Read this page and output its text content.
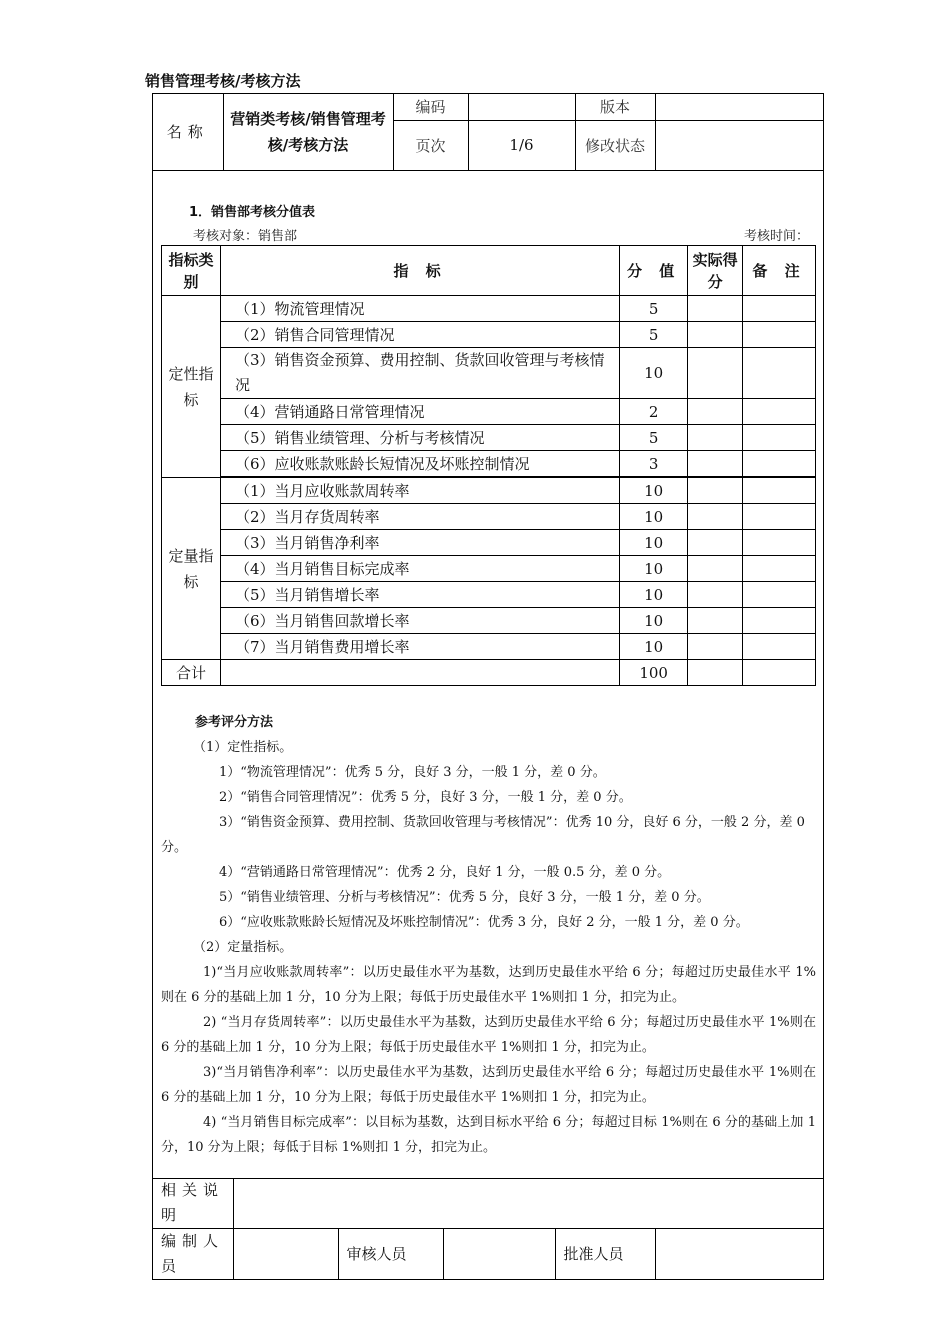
销售管理考核/考核方法
名称	营销类考核/销售管理考核/考核方法	编码		版本	
		页次	1/6	修改状态	
1．销售部考核分值表
考核对象：销售部	考核时间：
指标类别	指 标	分 值	实际得分	备 注
定性指标	（1）物流管理情况	5		
	（2）销售合同管理情况	5		
	（3）销售资金预算、费用控制、货款回收管理与考核情况	10		
	（4）营销通路日常管理情况	2		
	（5）销售业绩管理、分析与考核情况	5		
	（6）应收账款账龄长短情况及坏账控制情况	3		

定量指标	（1）当月应收账款周转率	10		
	（2）当月存货周转率	10		
	（3）当月销售净利率	10		
	（4）当月销售目标完成率	10		
	（5）当月销售增长率	10		
	（6）当月销售回款增长率	10		
	（7）当月销售费用增长率	10		
合计		100		
参考评分方法
（1）定性指标。
1）“物流管理情况”：优秀 5 分，良好 3 分，一般 1 分，差 0 分。
2）“销售合同管理情况”：优秀 5 分，良好 3 分，一般 1 分，差 0 分。
3）“销售资金预算、费用控制、货款回收管理与考核情况”：优秀 10 分，良好 6 分，一般 2 分，差 0 分。
4）“营销通路日常管理情况”：优秀 2 分，良好 1 分，一般 0.5 分，差 0 分。
5）“销售业绩管理、分析与考核情况”：优秀 5 分，良好 3 分，一般 1 分，差 0 分。
6）“应收账款账龄长短情况及坏账控制情况”：优秀 3 分，良好 2 分，一般 1 分，差 0 分。
（2）定量指标。
1)“当月应收账款周转率”：以历史最佳水平为基数，达到历史最佳水平给 6 分；每超过历史最佳水平 1%则在 6 分的基础上加 1 分，10 分为上限；每低于历史最佳水平 1%则扣 1 分，扣完为止。
2) “当月存货周转率”：以历史最佳水平为基数，达到历史最佳水平给 6 分；每超过历史最佳水平 1%则在 6 分的基础上加 1 分，10 分为上限；每低于历史最佳水平 1%则扣 1 分，扣完为止。
3)“当月销售净利率”：以历史最佳水平为基数，达到历史最佳水平给 6 分；每超过历史最佳水平 1%则在 6 分的基础上加 1 分，10 分为上限；每低于历史最佳水平 1%则扣 1 分，扣完为止。
4) “当月销售目标完成率”：以目标为基数，达到目标水平给 6 分；每超过目标 1%则在 6 分的基础上加 1 分，10 分为上限；每低于目标 1%则扣 1 分，扣完为止。
相关说明					
编制人员		审核人员		批准人员	
